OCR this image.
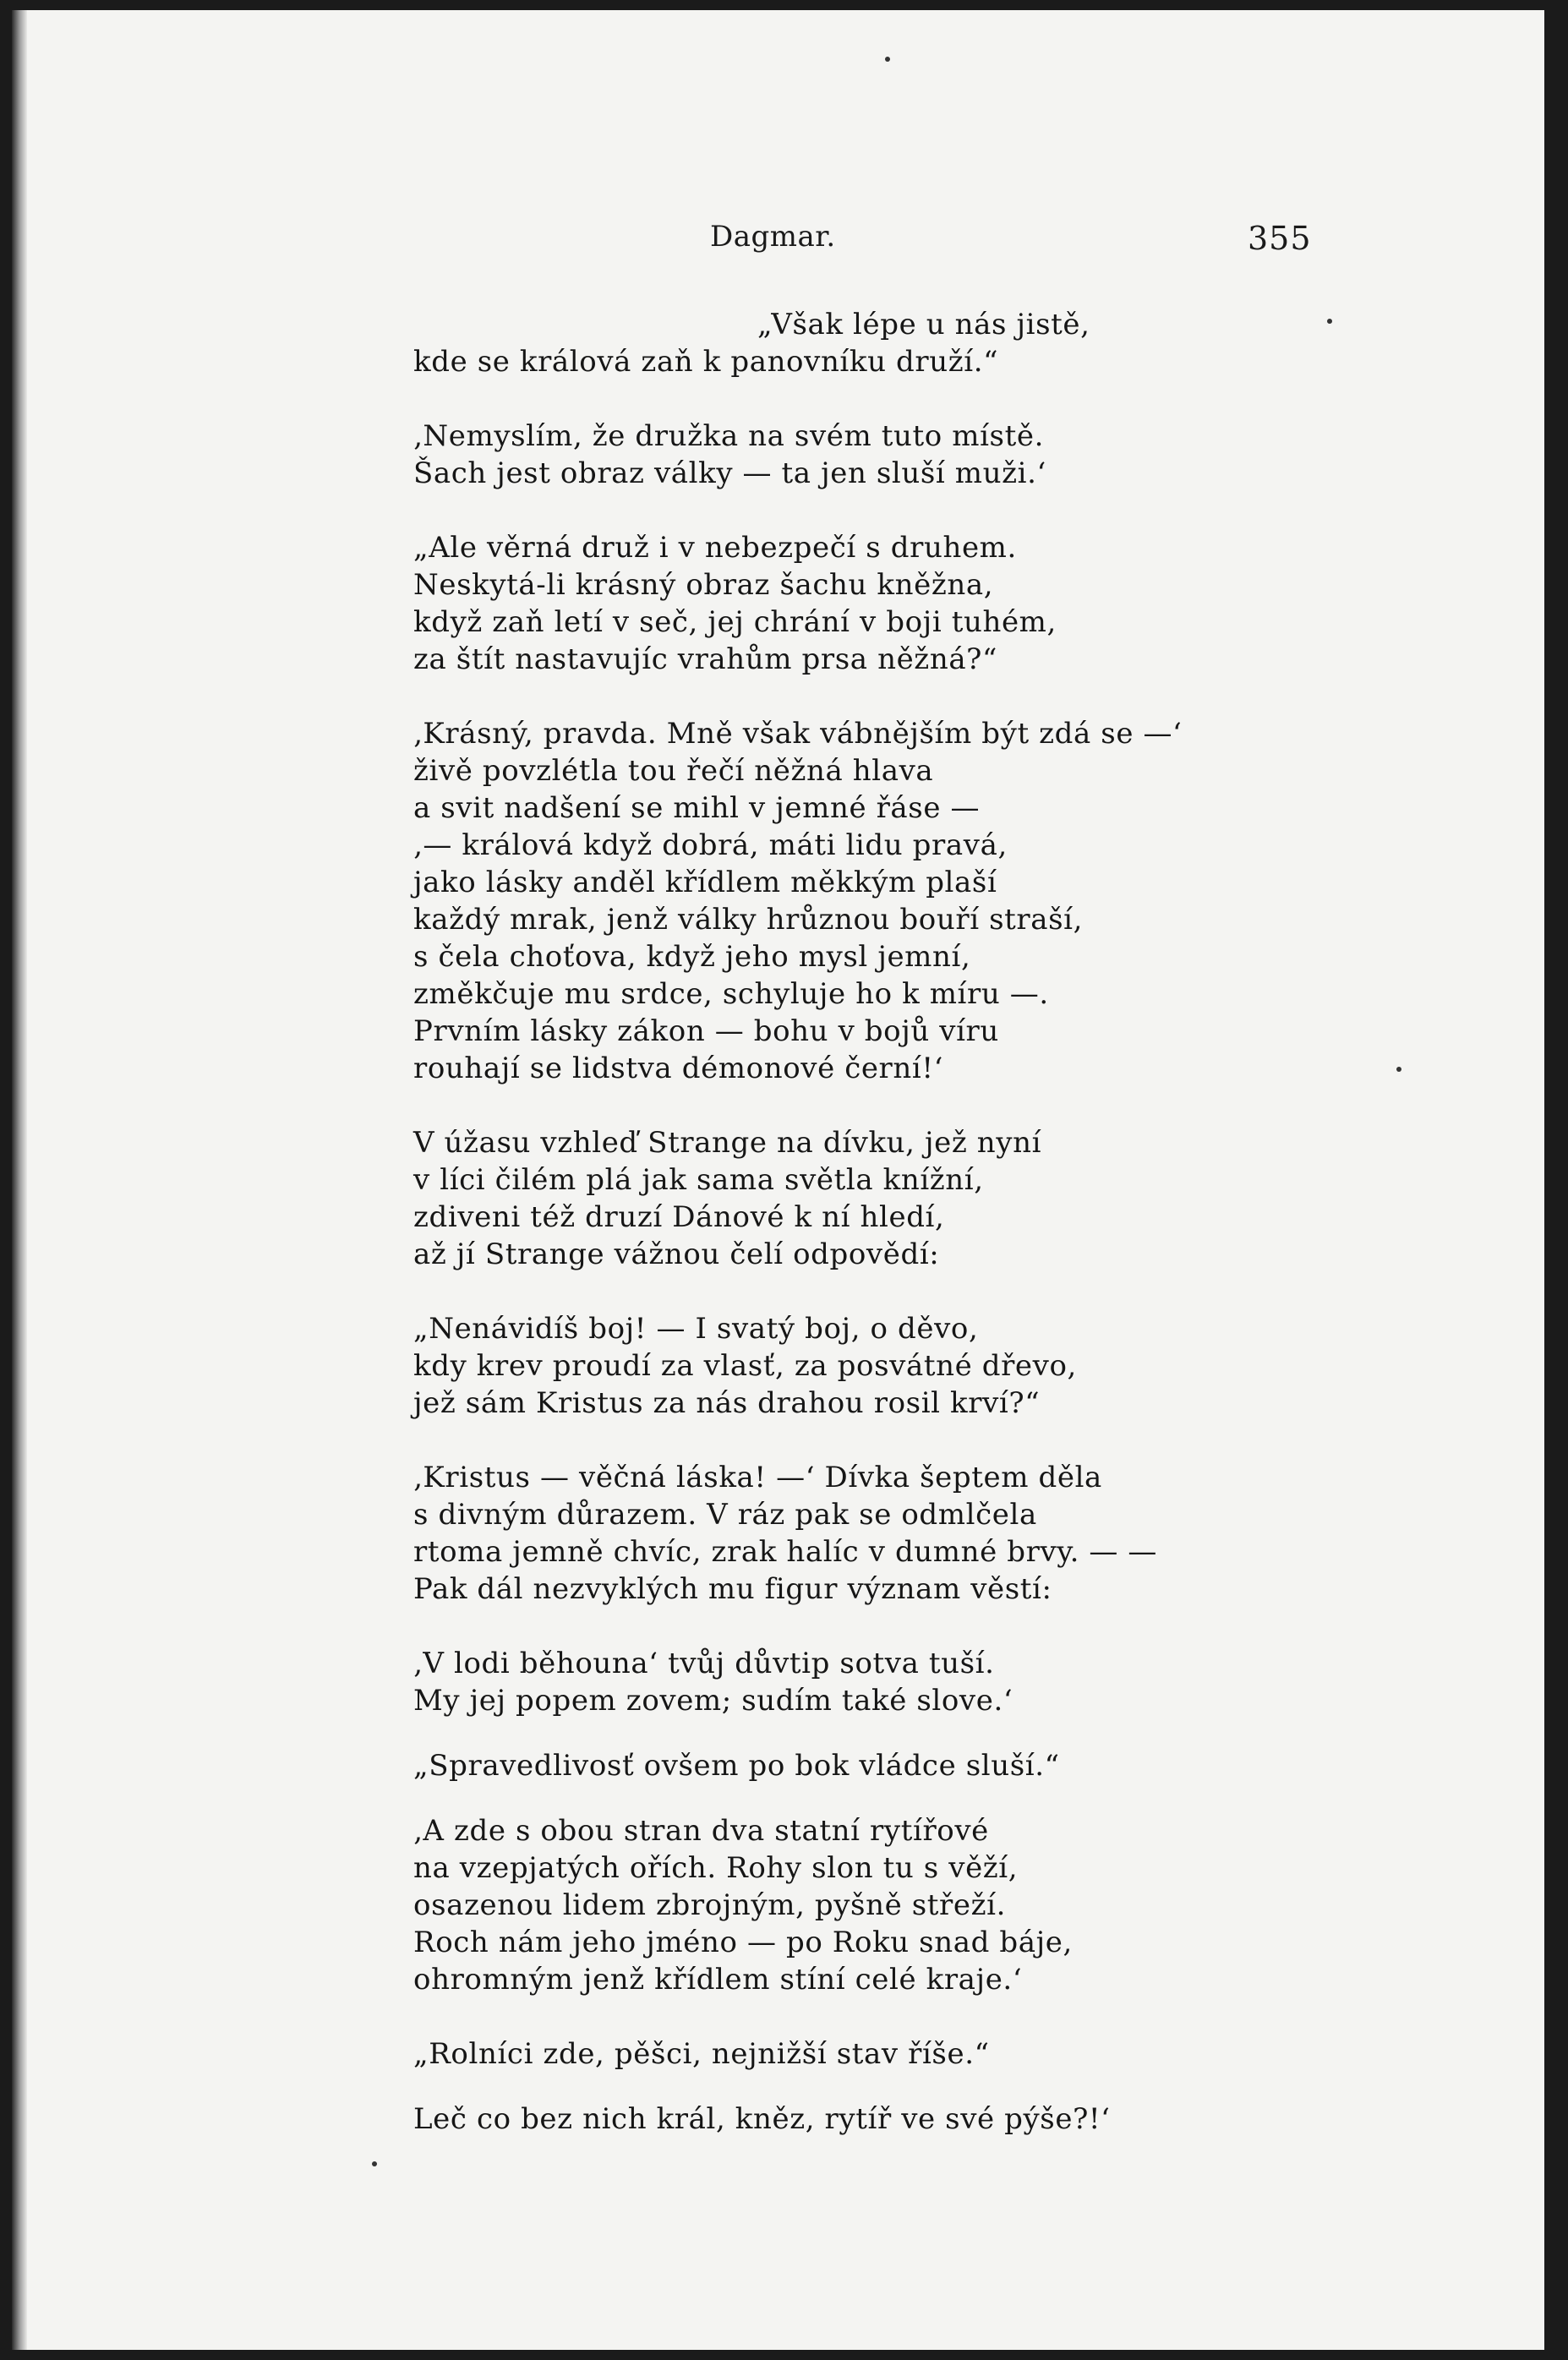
Dagmar.	355
„Však lépe u nás jistě,
kde se králová zaň k panovníku druží.“
‚Nemyslím, že družka na svém tuto místě.
Šach jest obraz války — ta jen sluší muži.‘
„Ale věrná druž i v nebezpečí s druhem.
Neskytá-li krásný obraz šachu kněžna,
když zaň letí v seč, jej chrání v boji tuhém,
za štít nastavujíc vrahům prsa něžná?“
‚Krásný, pravda. Mně však vábnějším být zdá se —‘
živě povzlétla tou řečí něžná hlava
a svit nadšení se mihl v jemné řáse —
‚— králová když dobrá, máti lidu pravá,
jako lásky anděl křídlem měkkým plaší
každý mrak, jenž války hrůznou bouří straší,
s čela choťova, když jeho mysl jemní,
změkčuje mu srdce, schyluje ho k míru —.
Prvním lásky zákon — bohu v bojů víru
rouhají se lidstva démonové černí!‘
V úžasu vzhleď Strange na dívku, jež nyní
v líci čilém plá jak sama světla knížní,
zdiveni též druzí Dánové k ní hledí,
až jí Strange vážnou čelí odpovědí:
„Nenávidíš boj! — I svatý boj, o děvo,
kdy krev proudí za vlasť, za posvátné dřevo,
jež sám Kristus za nás drahou rosil krví?“
‚Kristus — věčná láska! —‘ Dívka šeptem děla
s divným důrazem. V ráz pak se odmlčela
rtoma jemně chvíc, zrak halíc v dumné brvy. — —
Pak dál nezvyklých mu figur význam věstí:
‚V lodi běhouna‘ tvůj důvtip sotva tuší.
My jej popem zovem; sudím také slove.‘
„Spravedlivosť ovšem po bok vládce sluší.“
‚A zde s obou stran dva statní rytířové
na vzepjatých ořích. Rohy slon tu s věží,
osazenou lidem zbrojným, pyšně střeží.
Roch nám jeho jméno — po Roku snad báje,
ohromným jenž křídlem stíní celé kraje.‘
„Rolníci zde, pěšci, nejnižší stav říše.“
Leč co bez nich král, kněz, rytíř ve své pýše?!‘
